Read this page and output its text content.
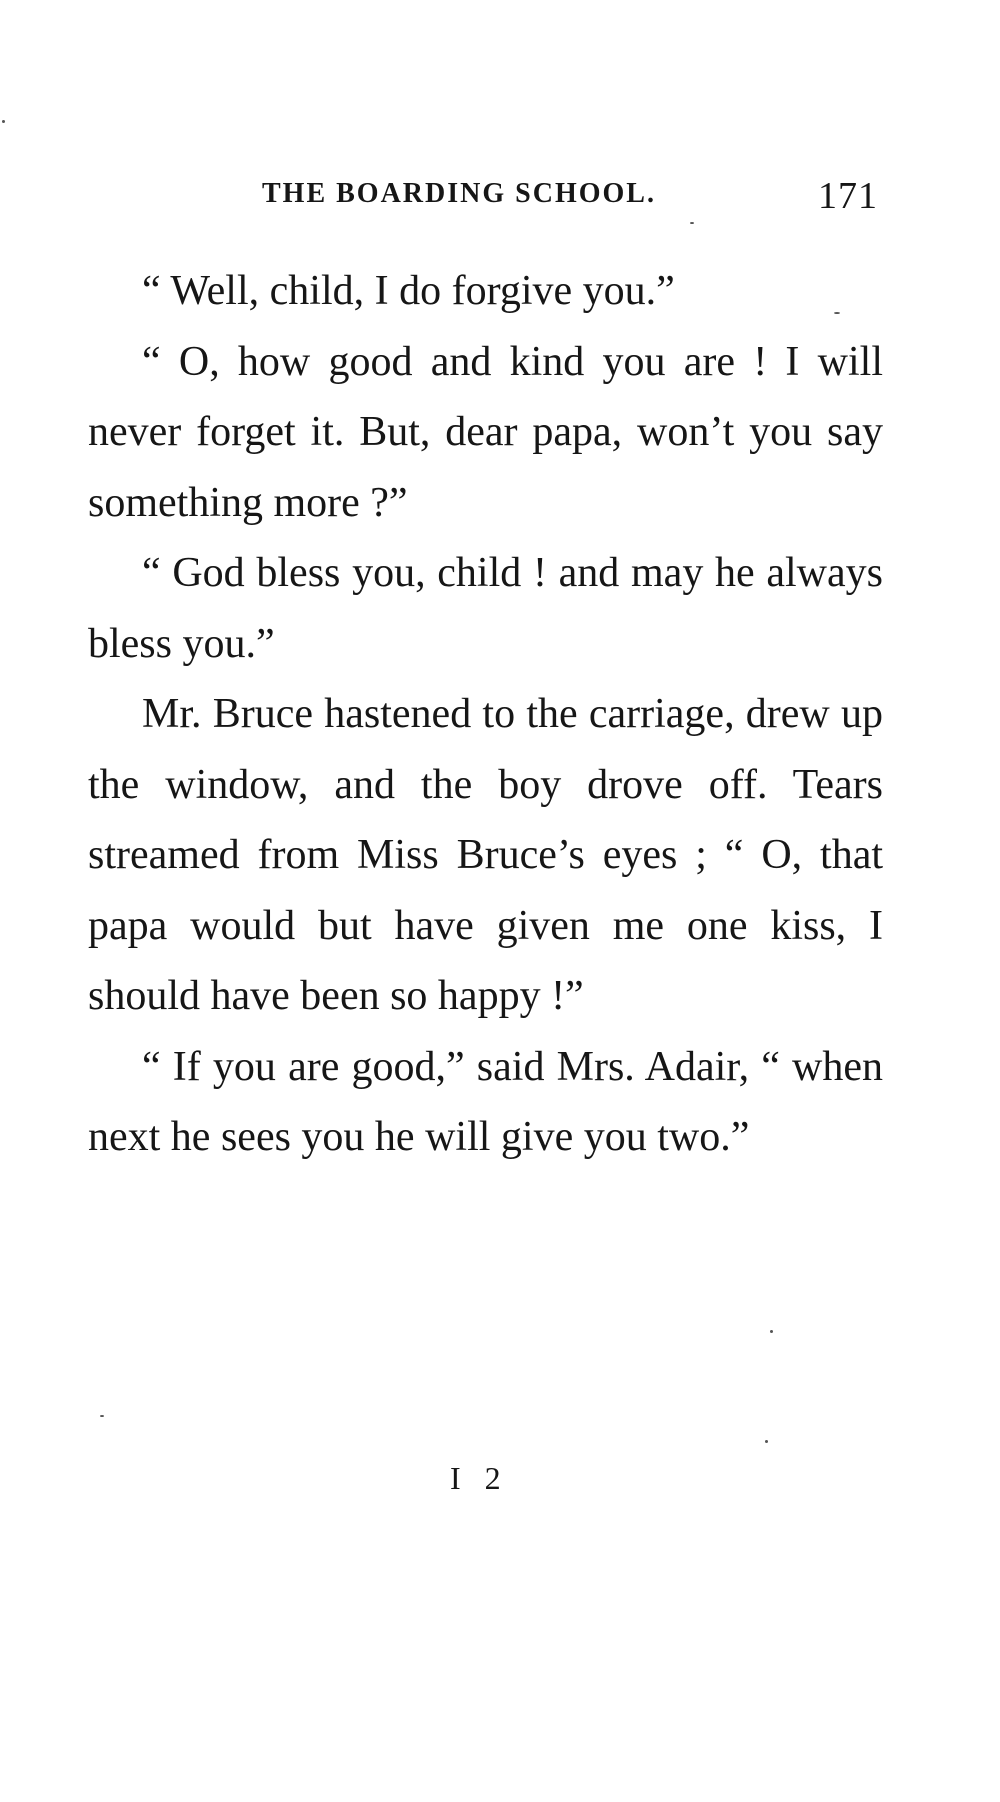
THE BOARDING SCHOOL.	171

“ Well, child, I do forgive you.”

“ O, how good and kind you are ! I will never forget it. But, dear papa, won’t you say something more ?”

“ God bless you, child ! and may he always bless you.”

Mr. Bruce hastened to the carriage, drew up the window, and the boy drove off. Tears streamed from Miss Bruce’s eyes ; “ O, that papa would but have given me one kiss, I should have been so happy !”

“ If you are good,” said Mrs. Adair, “ when next he sees you he will give you two.”

I 2
